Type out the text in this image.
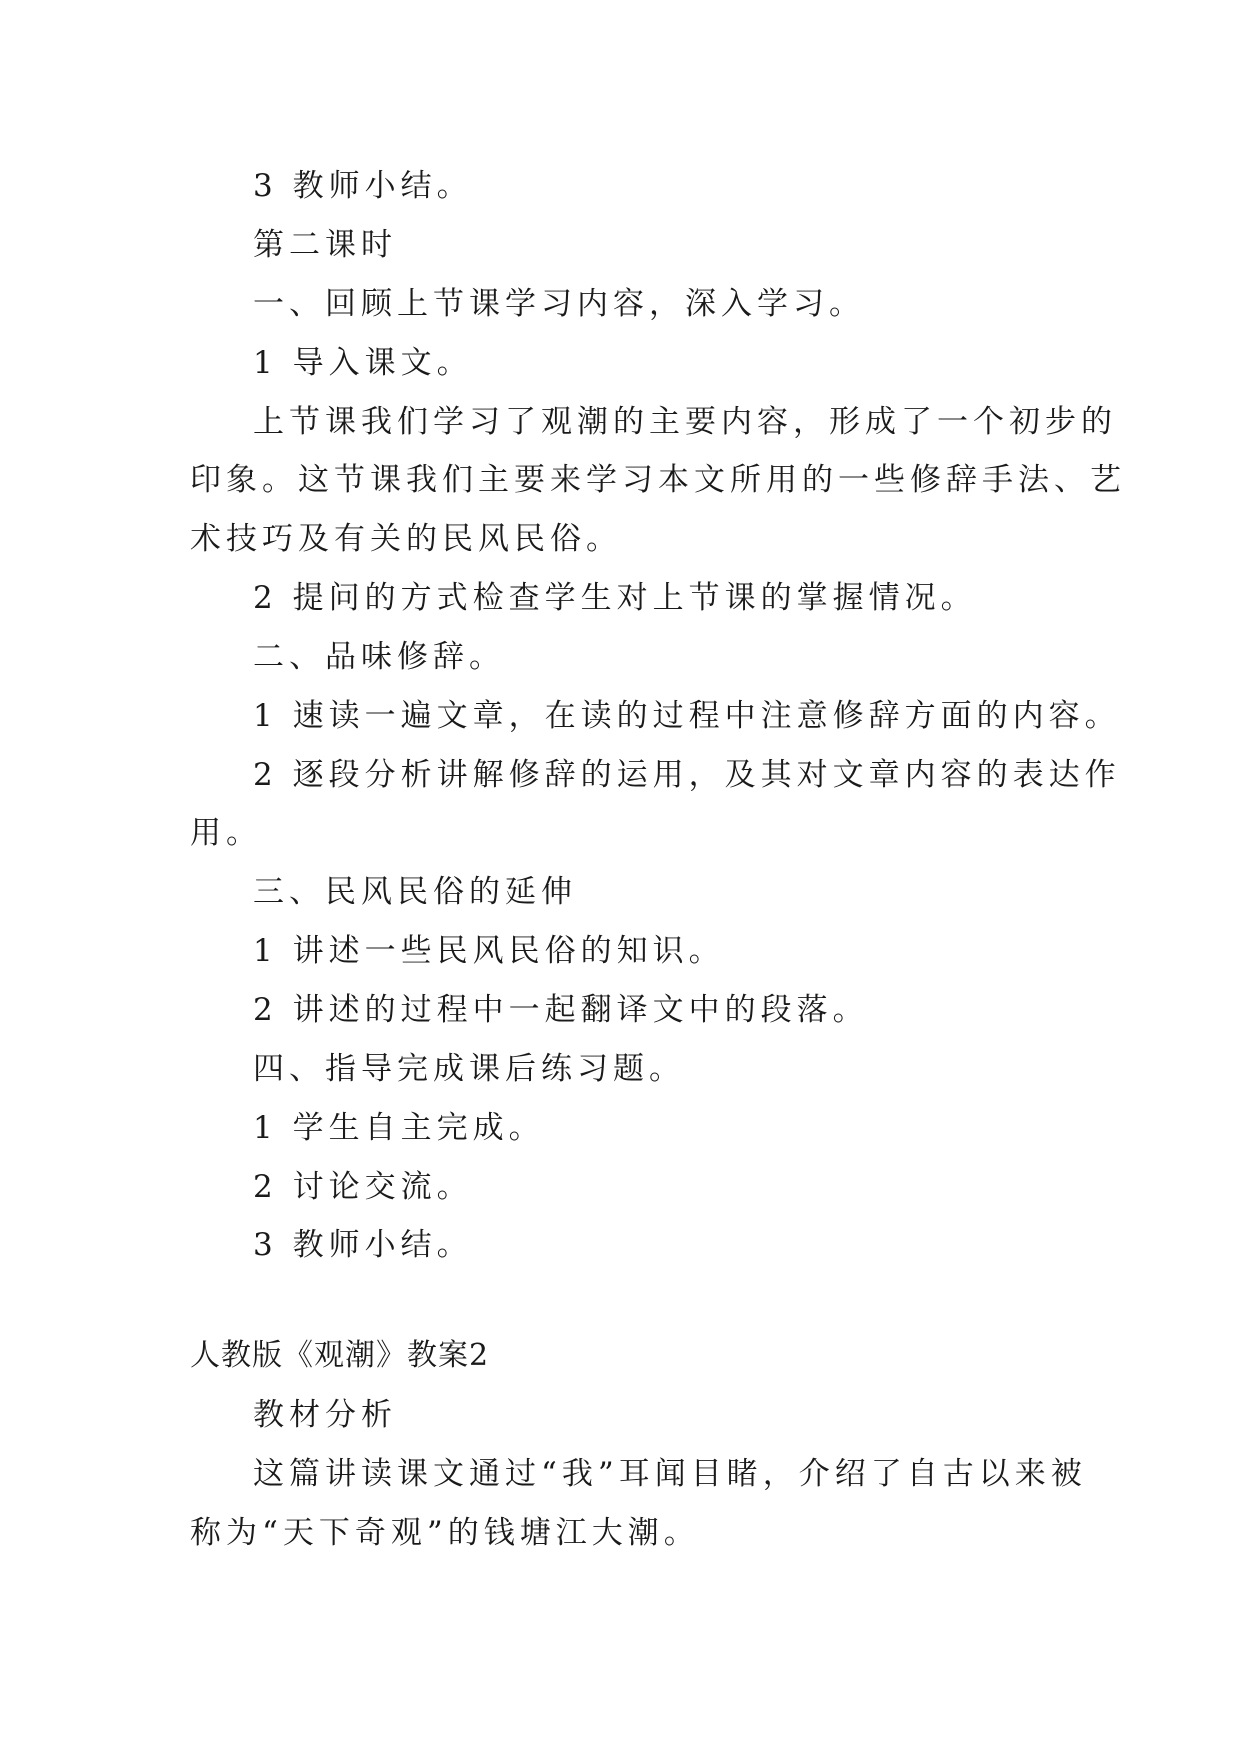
3 教师小结。
第二课时
一、回顾上节课学习内容，深入学习。
1 导入课文。
上节课我们学习了观潮的主要内容，形成了一个初步的
印象。这节课我们主要来学习本文所用的一些修辞手法、艺
术技巧及有关的民风民俗。
2 提问的方式检查学生对上节课的掌握情况。
二、品味修辞。
1 速读一遍文章，在读的过程中注意修辞方面的内容。
2 逐段分析讲解修辞的运用，及其对文章内容的表达作
用。
三、民风民俗的延伸
1 讲述一些民风民俗的知识。
2 讲述的过程中一起翻译文中的段落。
四、指导完成课后练习题。
1 学生自主完成。
2 讨论交流。
3 教师小结。
人教版《观潮》教案2
教材分析
这篇讲读课文通过“我”耳闻目睹，介绍了自古以来被
称为“天下奇观”的钱塘江大潮。
